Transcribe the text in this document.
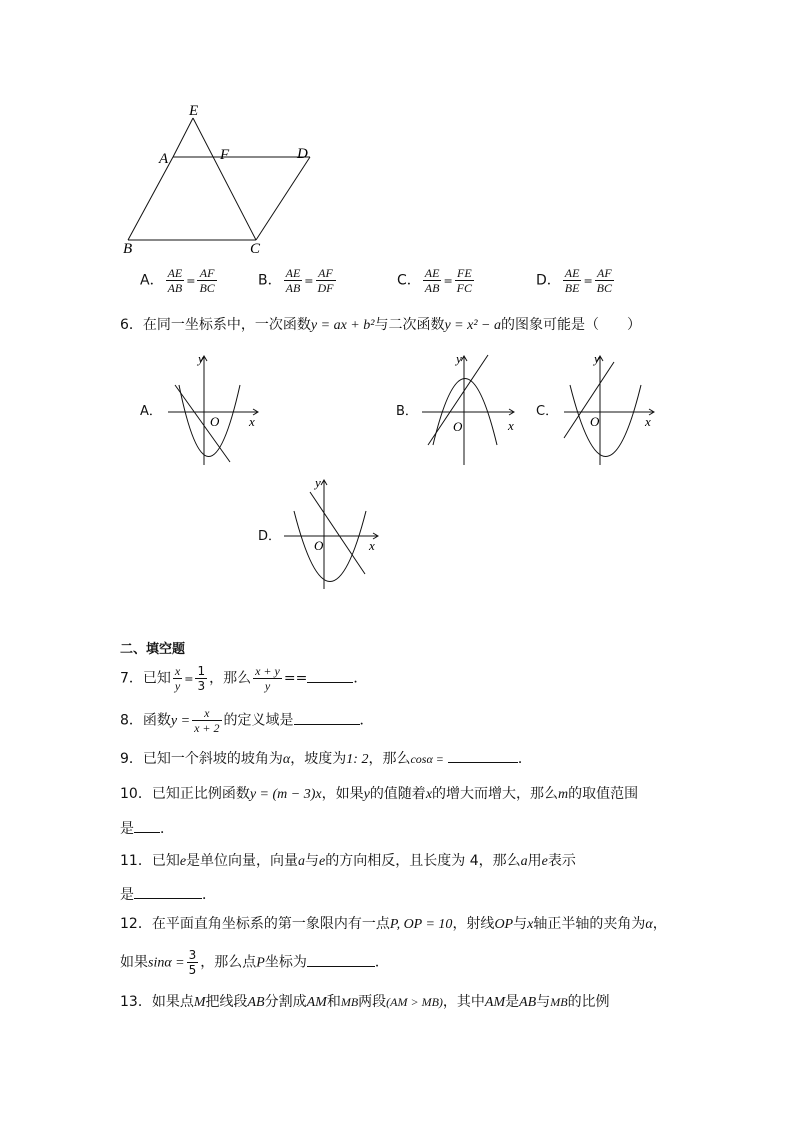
E
A	F	D
B	C
A． $\frac{AE}{AB} = \frac{AF}{BC}$	B． $\frac{AE}{AB} = \frac{AF}{DF}$	C． $\frac{AE}{AB} = \frac{FE}{FC}$	D． $\frac{AE}{BE} = \frac{AF}{BC}$
6．在同一坐标系中，一次函数y = ax + b²与二次函数y = x² − a的图象可能是（　　）
A．
y
x
O
B．
y
x
O
C．
y
x
O
D．
y
x
O
二、填空题
7．已知 $\frac{x}{y} = \frac{1}{3}$ ，那么 $\frac{x + y}{y}$ ==	．
8．函数$y = \frac{x}{x + 2}$ 的定义域是	．
9．已知一个斜坡的坡角为α，坡度为1: 2，那么cosα =	．
10．已知正比例函数y = (m − 3)x，如果y的值随着x的增大而增大，那么m的取值范围
是 ．
11．已知e是单位向量，向量a与e的方向相反，且长度为 4，那么a用e表示
是	．
12．在平面直角坐标系的第一象限内有一点P, OP = 10，射线OP与x轴正半轴的夹角为α，
如果$\sin\alpha = \frac{3}{5}$ ，那么点P坐标为	．
13．如果点M把线段AB分割成AM和MB两段(AM > MB)，其中AM是AB与MB的比例
